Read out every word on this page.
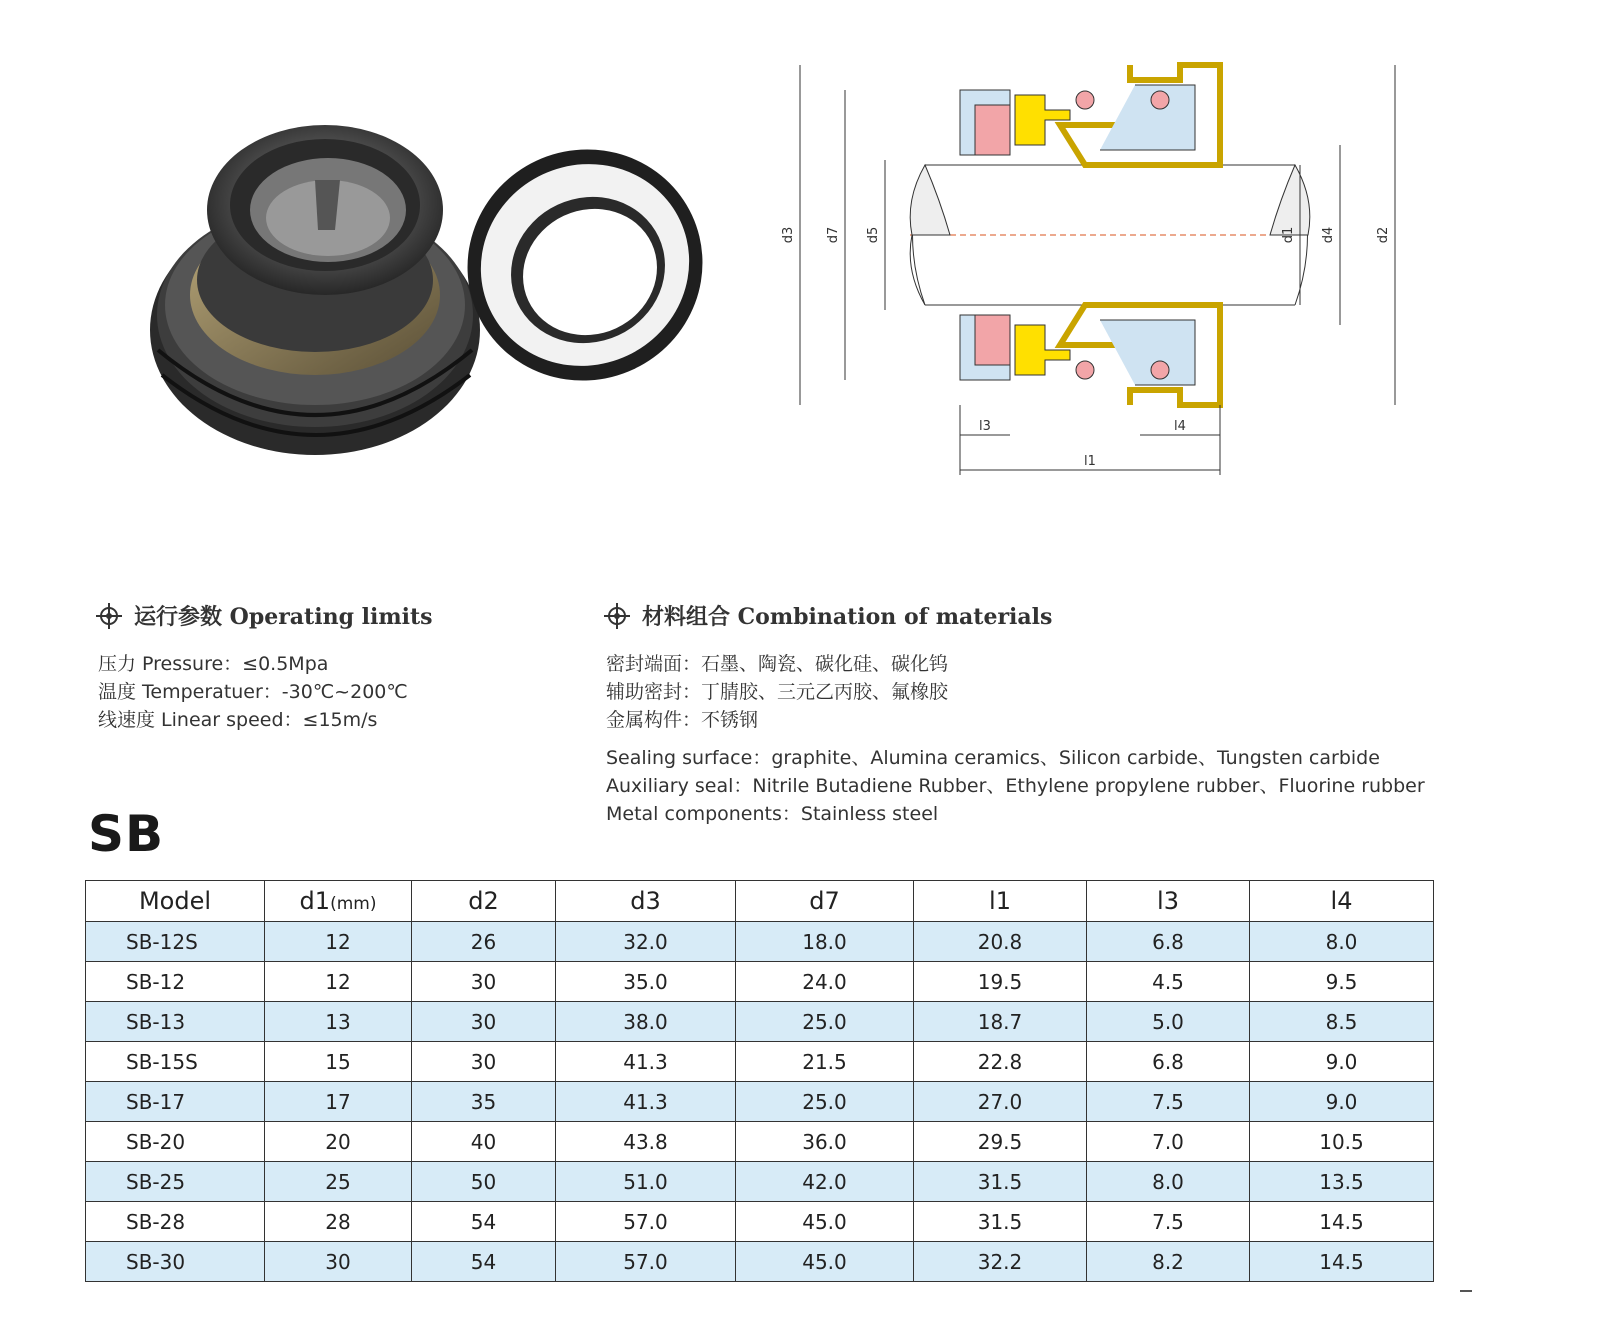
d3 d7 d5	d1 d4	d2
l3	l4
l1
运行参数 Operating limits
压力 Pressure：≤0.5Mpa
温度 Temperatuer：-30℃~200℃
线速度 Linear speed：≤15m/s
材料组合 Combination of materials
密封端面：石墨、陶瓷、碳化硅、碳化钨
辅助密封：丁腈胶、三元乙丙胶、氟橡胶
金属构件：不锈钢
Sealing surface：graphite、Alumina ceramics、Silicon carbide、Tungsten carbide
Auxiliary seal：Nitrile Butadiene Rubber、Ethylene propylene rubber、Fluorine rubber
Metal components：Stainless steel
SB
Model	d1(mm)	d2	d3	d7	l1	l3	l4
SB-12S	12	26	32.0	18.0	20.8	6.8	8.0
SB-12	12	30	35.0	24.0	19.5	4.5	9.5
SB-13	13	30	38.0	25.0	18.7	5.0	8.5
SB-15S	15	30	41.3	21.5	22.8	6.8	9.0
SB-17	17	35	41.3	25.0	27.0	7.5	9.0
SB-20	20	40	43.8	36.0	29.5	7.0	10.5
SB-25	25	50	51.0	42.0	31.5	8.0	13.5
SB-28	28	54	57.0	45.0	31.5	7.5	14.5
SB-30	30	54	57.0	45.0	32.2	8.2	14.5
